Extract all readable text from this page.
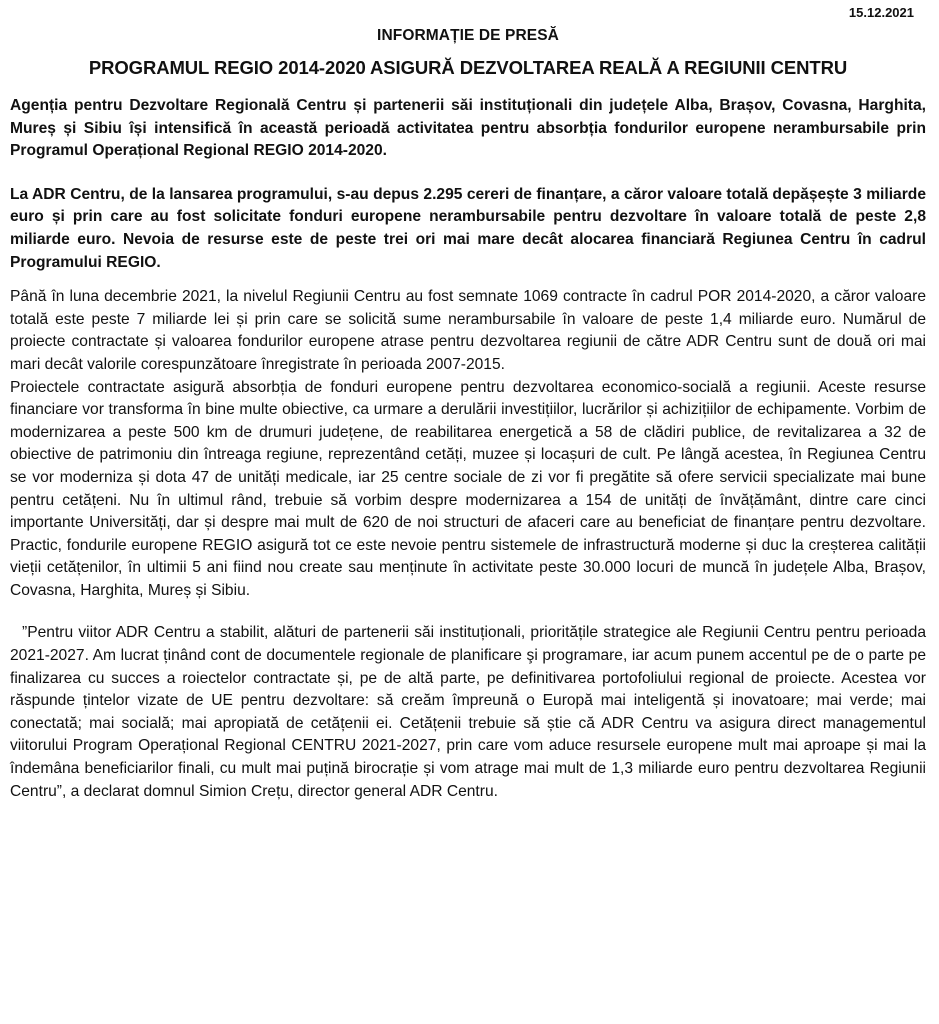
15.12.2021
INFORMAȚIE DE PRESĂ
PROGRAMUL REGIO 2014-2020 ASIGURĂ DEZVOLTAREA REALĂ A REGIUNII CENTRU

Agenția pentru Dezvoltare Regională Centru și partenerii săi instituționali din județele Alba, Brașov, Covasna, Harghita, Mureș și Sibiu își intensifică în această perioadă activitatea pentru absorbția fondurilor europene nerambursabile prin Programul Operațional Regional REGIO 2014-2020.

La ADR Centru, de la lansarea programului, s-au depus 2.295 cereri de finanțare, a căror valoare totală depășește 3 miliarde euro și prin care au fost solicitate fonduri europene nerambursabile pentru dezvoltare în valoare totală de peste 2,8 miliarde euro. Nevoia de resurse este de peste trei ori mai mare decât alocarea financiară Regiunea Centru în cadrul Programului REGIO.

Până în luna decembrie 2021, la nivelul Regiunii Centru au fost semnate 1069 contracte în cadrul POR 2014-2020, a căror valoare totală este peste 7 miliarde lei și prin care se solicită sume nerambursabile în valoare de peste 1,4 miliarde euro. Numărul de proiecte contractate și valoarea fondurilor europene atrase pentru dezvoltarea regiunii de către ADR Centru sunt de două ori mai mari decât valorile corespunzătoare înregistrate în perioada 2007-2015.

Proiectele contractate asigură absorbția de fonduri europene pentru dezvoltarea economico-socială a regiunii. Aceste resurse financiare vor transforma în bine multe obiective, ca urmare a derulării investițiilor, lucrărilor și achizițiilor de echipamente. Vorbim de modernizarea a peste 500 km de drumuri județene, de reabilitarea energetică a 58 de clădiri publice, de revitalizarea a 32 de obiective de patrimoniu din întreaga regiune, reprezentând cetăți, muzee și locașuri de cult. Pe lângă acestea, în Regiunea Centru se vor moderniza și dota 47 de unități medicale, iar 25 centre sociale de zi vor fi pregătite să ofere servicii specializate mai bune pentru cetățeni. Nu în ultimul rând, trebuie să vorbim despre modernizarea a 154 de unități de învățământ, dintre care cinci importante Universități, dar și despre mai mult de 620 de noi structuri de afaceri care au beneficiat de finanțare pentru dezvoltare. Practic, fondurile europene REGIO asigură tot ce este nevoie pentru sistemele de infrastructură moderne și duc la creșterea calității vieții cetățenilor, în ultimii 5 ani fiind nou create sau menținute în activitate peste 30.000 locuri de muncă în județele Alba, Brașov, Covasna, Harghita, Mureș și Sibiu.

”Pentru viitor ADR Centru a stabilit, alături de partenerii săi instituționali, prioritățile strategice ale Regiunii Centru pentru perioada 2021-2027. Am lucrat ținând cont de documentele regionale de planificare şi programare, iar acum punem accentul pe de o parte pe finalizarea cu succes a roiectelor contractate și, pe de altă parte, pe definitivarea portofoliului regional de proiecte. Acestea vor răspunde țintelor vizate de UE pentru dezvoltare: să creăm împreună o Europă mai inteligentă și inovatoare; mai verde; mai conectată; mai socială; mai apropiată de cetățenii ei. Cetățenii trebuie să știe că ADR Centru va asigura direct managementul viitorului Program Operațional Regional CENTRU 2021-2027, prin care vom aduce resursele europene mult mai aproape și mai la îndemâna beneficiarilor finali, cu mult mai puțină birocrație și vom atrage mai mult de 1,3 miliarde euro pentru dezvoltarea Regiunii Centru”, a declarat domnul Simion Crețu, director general ADR Centru.
